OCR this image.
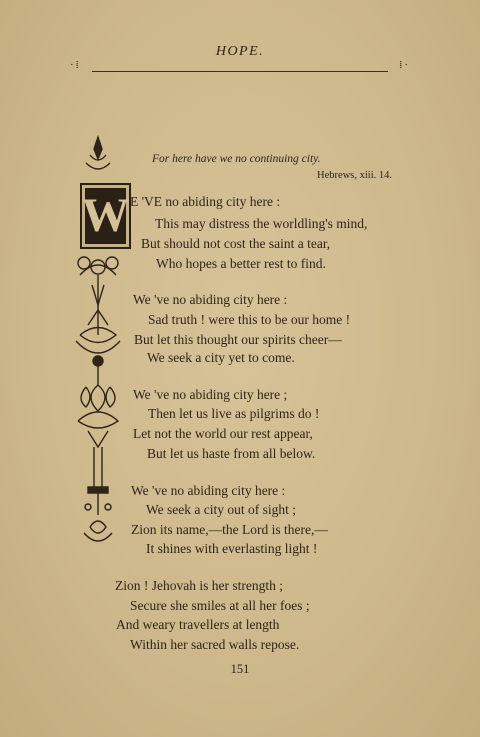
HOPE.
·⁞	⁞·
For here have we no continuing city.
Hebrews, xiii. 14.
W E 'VE no abiding city here :
This may distress the worldling's mind,
But should not cost the saint a tear,
Who hopes a better rest to find.
We 've no abiding city here :
Sad truth ! were this to be our home !
But let this thought our spirits cheer—
We seek a city yet to come.
We 've no abiding city here ;
Then let us live as pilgrims do !
Let not the world our rest appear,
But let us haste from all below.
We 've no abiding city here :
We seek a city out of sight ;
Zion its name,—the Lord is there,—
It shines with everlasting light !
Zion ! Jehovah is her strength ;
Secure she smiles at all her foes ;
And weary travellers at length
Within her sacred walls repose.
151
